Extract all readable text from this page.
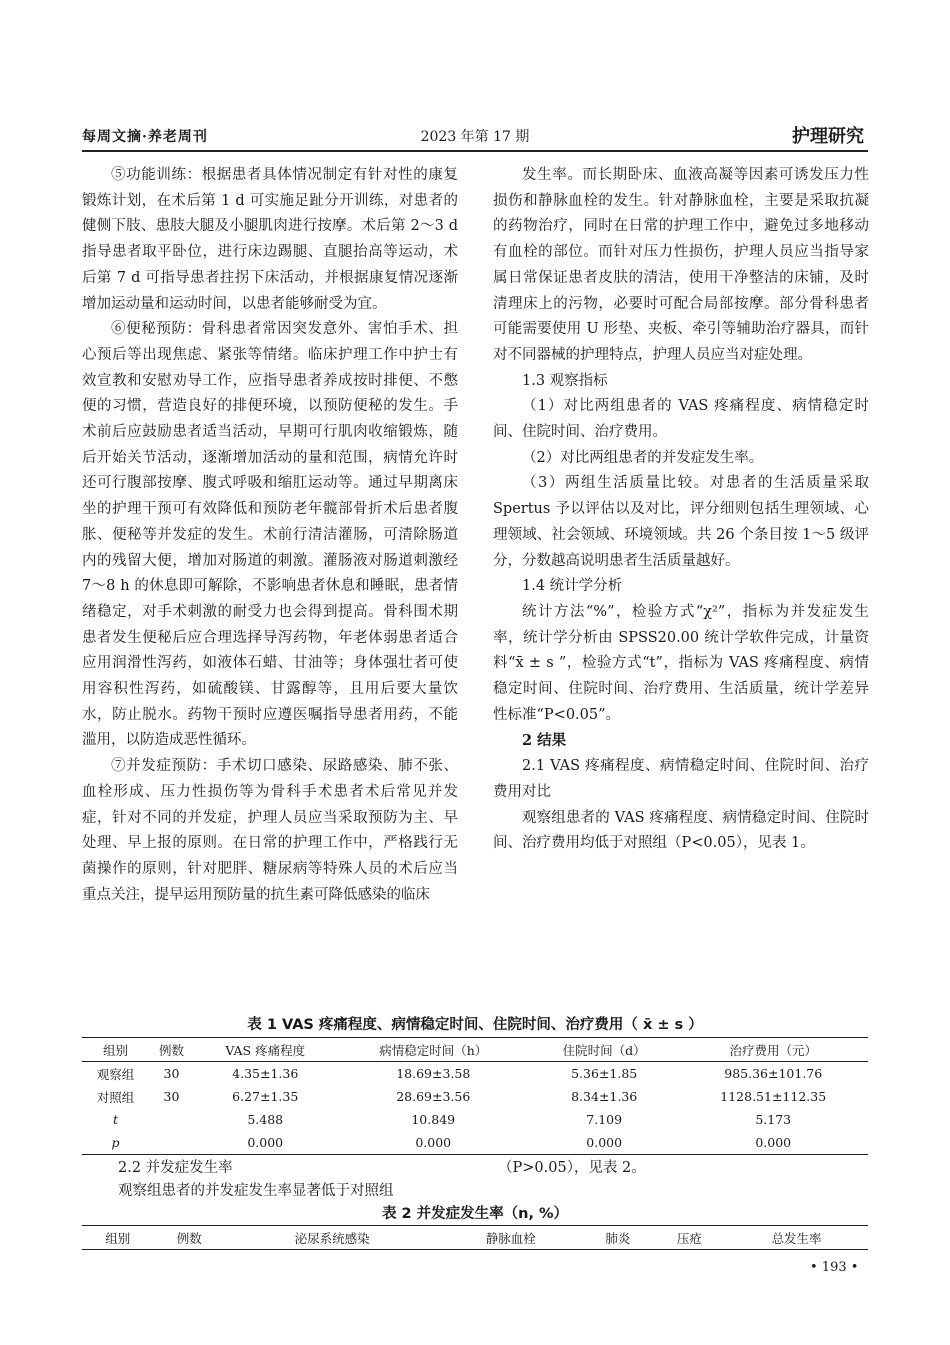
每周文摘·养老周刊	2023 年第 17 期	护理研究

⑤功能训练：根据患者具体情况制定有针对性的康复锻炼计划，在术后第 1 d 可实施足趾分开训练，对患者的健侧下肢、患肢大腿及小腿肌肉进行按摩。术后第 2～3 d 指导患者取平卧位，进行床边踢腿、直腿抬高等运动，术后第 7 d 可指导患者拄拐下床活动，并根据康复情况逐渐增加运动量和运动时间，以患者能够耐受为宜。

⑥便秘预防：骨科患者常因突发意外、害怕手术、担心预后等出现焦虑、紧张等情绪。临床护理工作中护士有效宣教和安慰劝导工作，应指导患者养成按时排便、不憋便的习惯，营造良好的排便环境，以预防便秘的发生。手术前后应鼓励患者适当活动，早期可行肌肉收缩锻炼，随后开始关节活动，逐渐增加活动的量和范围，病情允许时还可行腹部按摩、腹式呼吸和缩肛运动等。通过早期离床坐的护理干预可有效降低和预防老年髋部骨折术后患者腹胀、便秘等并发症的发生。术前行清洁灌肠，可清除肠道内的残留大便，增加对肠道的刺激。灌肠液对肠道刺激经 7～8 h 的休息即可解除，不影响患者休息和睡眠，患者情绪稳定，对手术刺激的耐受力也会得到提高。骨科围术期患者发生便秘后应合理选择导泻药物，年老体弱患者适合应用润滑性泻药，如液体石蜡、甘油等；身体强壮者可使用容积性泻药，如硫酸镁、甘露醇等，且用后要大量饮水，防止脱水。药物干预时应遵医嘱指导患者用药，不能滥用，以防造成恶性循环。

⑦并发症预防：手术切口感染、尿路感染、肺不张、血栓形成、压力性损伤等为骨科手术患者术后常见并发症，针对不同的并发症，护理人员应当采取预防为主、早处理、早上报的原则。在日常的护理工作中，严格践行无菌操作的原则，针对肥胖、糖尿病等特殊人员的术后应当重点关注，提早运用预防量的抗生素可降低感染的临床

发生率。而长期卧床、血液高凝等因素可诱发压力性损伤和静脉血栓的发生。针对静脉血栓，主要是采取抗凝的药物治疗，同时在日常的护理工作中，避免过多地移动有血栓的部位。而针对压力性损伤，护理人员应当指导家属日常保证患者皮肤的清洁，使用干净整洁的床铺，及时清理床上的污物，必要时可配合局部按摩。部分骨科患者可能需要使用 U 形垫、夹板、牵引等辅助治疗器具，而针对不同器械的护理特点，护理人员应当对症处理。

1.3 观察指标

（1）对比两组患者的 VAS 疼痛程度、病情稳定时间、住院时间、治疗费用。

（2）对比两组患者的并发症发生率。

（3）两组生活质量比较。对患者的生活质量采取 Spertus 予以评估以及对比，评分细则包括生理领域、心理领域、社会领域、环境领域。共 26 个条目按 1～5 级评分，分数越高说明患者生活质量越好。

1.4 统计学分析

统计方法“%”，检验方式“χ²”，指标为并发症发生率，统计学分析由 SPSS20.00 统计学软件完成，计量资料“x̄ ± s ”，检验方式“t”，指标为 VAS 疼痛程度、病情稳定时间、住院时间、治疗费用、生活质量，统计学差异性标准“P<0.05”。

2 结果

2.1 VAS 疼痛程度、病情稳定时间、住院时间、治疗费用对比

观察组患者的 VAS 疼痛程度、病情稳定时间、住院时间、治疗费用均低于对照组（P<0.05），见表 1。

表 1 VAS 疼痛程度、病情稳定时间、住院时间、治疗费用（ x̄ ± s ）
组别	例数	VAS 疼痛程度	病情稳定时间（h）	住院时间（d）	治疗费用（元）
观察组	30	4.35±1.36	18.69±3.58	5.36±1.85	985.36±101.76
对照组	30	6.27±1.35	28.69±3.56	8.34±1.36	1128.51±112.35
t		5.488	10.849	7.109	5.173
p		0.000	0.000	0.000	0.000
2.2 并发症发生率
观察组患者的并发症发生率显著低于对照组
（P>0.05），见表 2。
表 2 并发症发生率（n, %）
组别	例数	泌尿系统感染	静脉血栓	肺炎	压疮	总发生率
• 193 •
